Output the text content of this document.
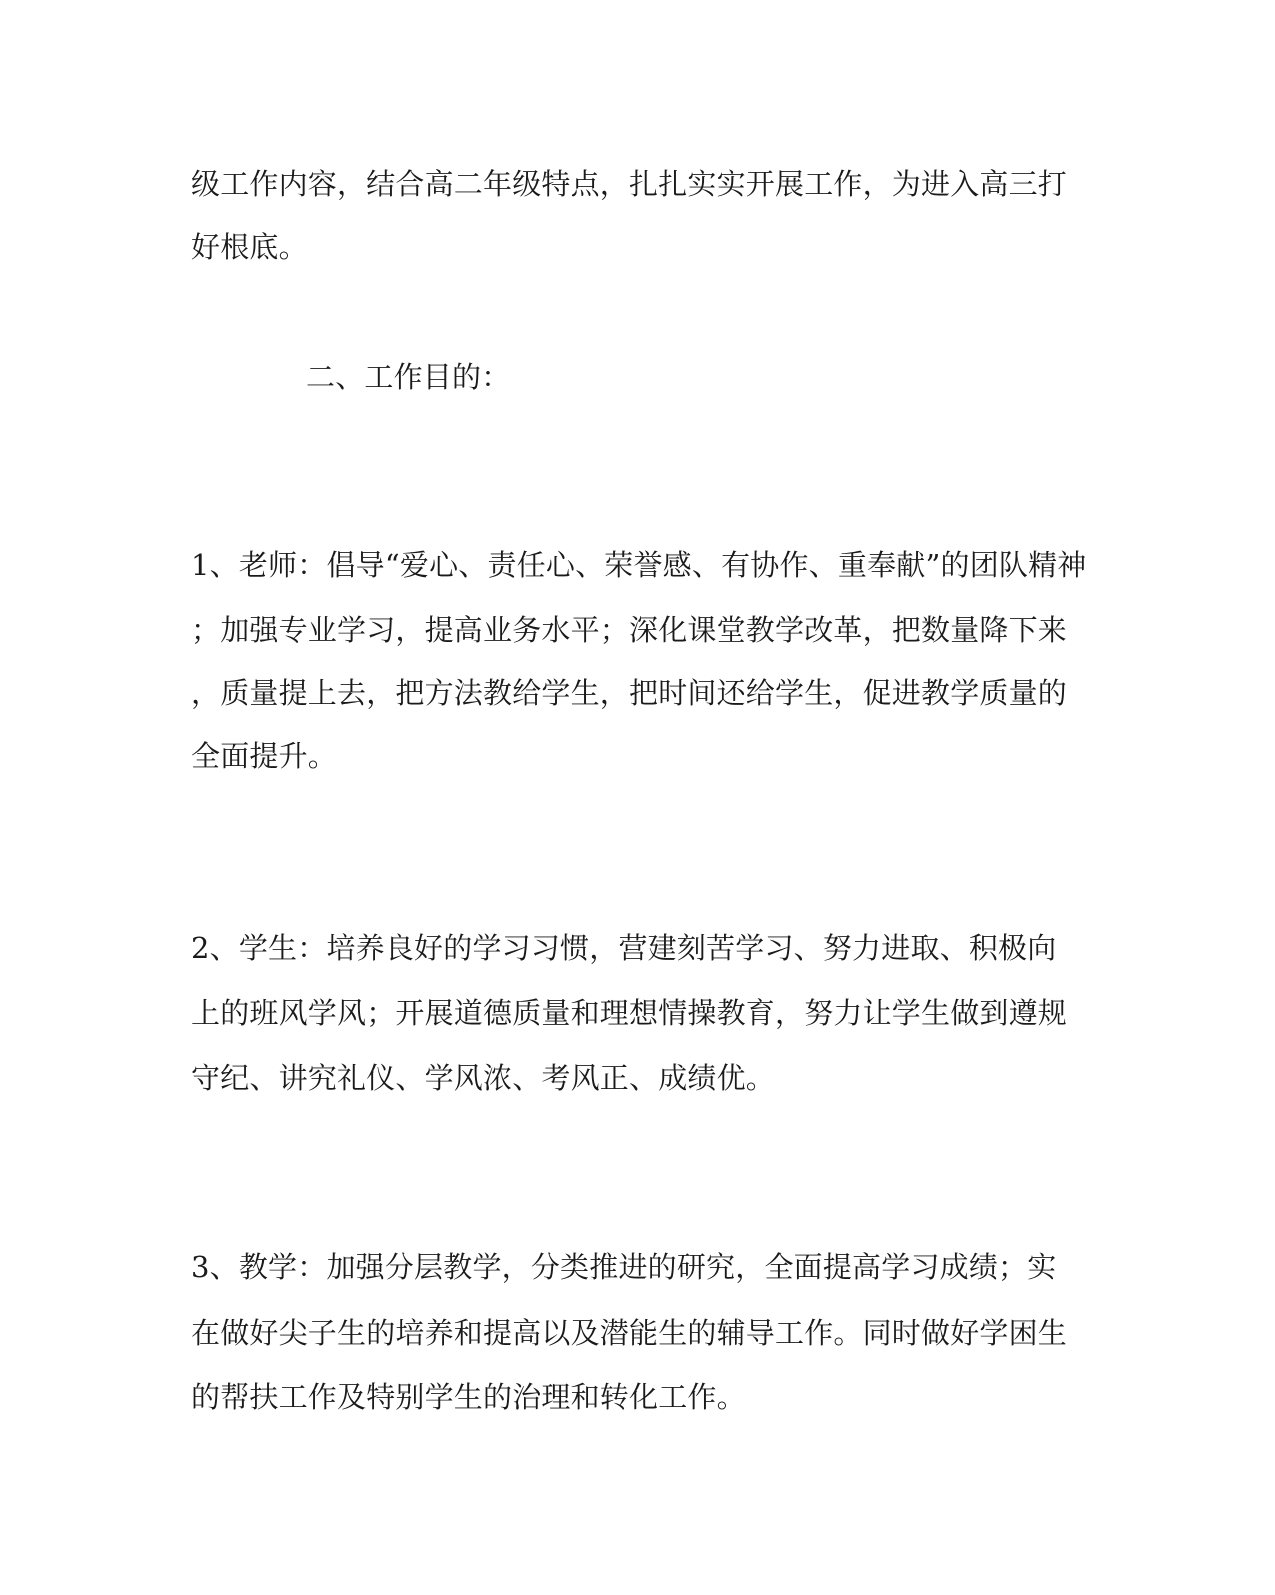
级工作内容，结合高二年级特点，扎扎实实开展工作，为进入高三打
好根底。
二、工作目的：
1、老师：倡导“爱心、责任心、荣誉感、有协作、重奉献”的团队精神
；加强专业学习，提高业务水平；深化课堂教学改革，把数量降下来
，质量提上去，把方法教给学生，把时间还给学生，促进教学质量的
全面提升。
2、学生：培养良好的学习习惯，营建刻苦学习、努力进取、积极向
上的班风学风；开展道德质量和理想情操教育，努力让学生做到遵规
守纪、讲究礼仪、学风浓、考风正、成绩优。
3、教学：加强分层教学，分类推进的研究，全面提高学习成绩；实
在做好尖子生的培养和提高以及潜能生的辅导工作。同时做好学困生
的帮扶工作及特别学生的治理和转化工作。
